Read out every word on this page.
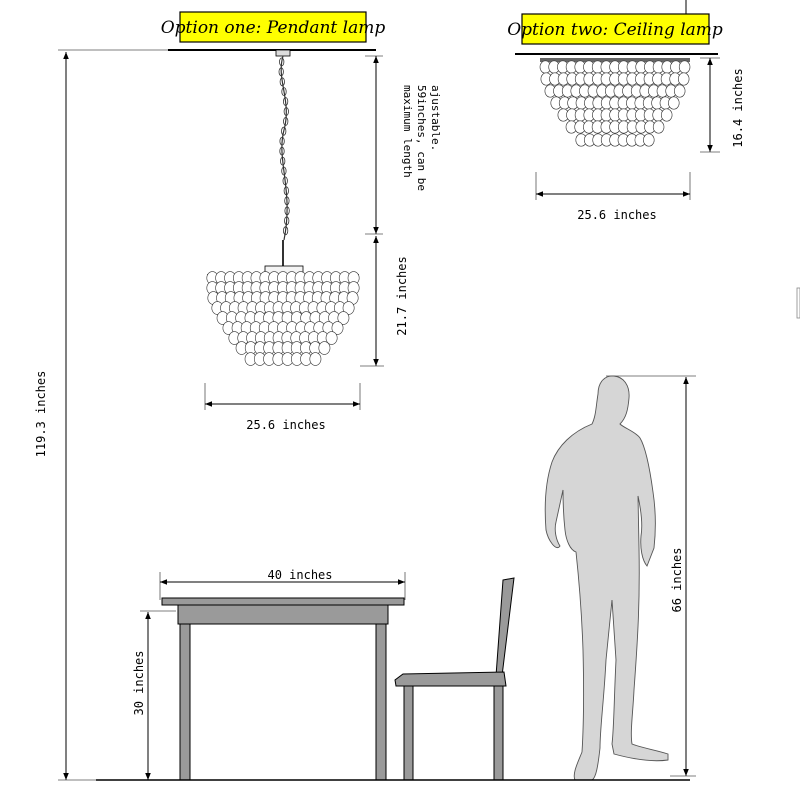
Option one: Pendant lamp	Option two: Ceiling lamp
maximum length 59inches, can be ajustable.
21.7 inches
25.6 inches
16.4 inches
25.6 inches
119.3 inches
40 inches
30 inches
66 inches
